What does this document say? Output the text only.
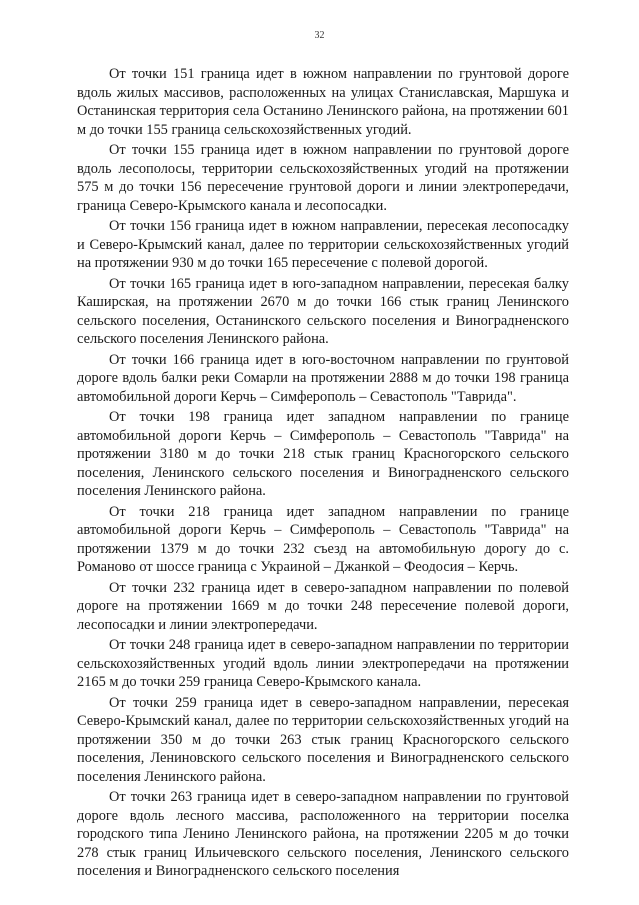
32

От точки 151 граница идет в южном направлении по грунтовой дороге вдоль жилых массивов, расположенных на улицах Станиславская, Маршука и Останинская территория села Останино Ленинского района, на протяжении 601 м до точки 155 граница сельскохозяйственных угодий.

От точки 155 граница идет в южном направлении по грунтовой дороге вдоль лесополосы, территории сельскохозяйственных угодий на протяжении 575 м до точки 156 пересечение грунтовой дороги и линии электропередачи, граница Северо-Крымского канала и лесопосадки.

От точки 156 граница идет в южном направлении, пересекая лесопосадку и Северо-Крымский канал, далее по территории сельскохозяйственных угодий на протяжении 930 м до точки 165 пересечение с полевой дорогой.

От точки 165 граница идет в юго-западном направлении, пересекая балку Каширская, на протяжении 2670 м до точки 166 стык границ Ленинского сельского поселения, Останинского сельского поселения и Виноградненского сельского поселения Ленинского района.

От точки 166 граница идет в юго-восточном направлении по грунтовой дороге вдоль балки реки Сомарли на протяжении 2888 м до точки 198 граница автомобильной дороги Керчь – Симферополь – Севастополь "Таврида".

От точки 198 граница идет западном направлении по границе автомобильной дороги Керчь – Симферополь – Севастополь "Таврида" на протяжении 3180 м до точки 218 стык границ Красногорского сельского поселения, Ленинского сельского поселения и Виноградненского сельского поселения Ленинского района.

От точки 218 граница идет западном направлении по границе автомобильной дороги Керчь – Симферополь – Севастополь "Таврида" на протяжении 1379 м до точки 232 съезд на автомобильную дорогу до с. Романово от шоссе граница с Украиной – Джанкой – Феодосия – Керчь.

От точки 232 граница идет в северо-западном направлении по полевой дороге на протяжении 1669 м до точки 248 пересечение полевой дороги, лесопосадки и линии электропередачи.

От точки 248 граница идет в северо-западном направлении по территории сельскохозяйственных угодий вдоль линии электропередачи на протяжении 2165 м до точки 259 граница Северо-Крымского канала.

От точки 259 граница идет в северо-западном направлении, пересекая Северо-Крымский канал, далее по территории сельскохозяйственных угодий на протяжении 350 м до точки 263 стык границ Красногорского сельского поселения, Лениновского сельского поселения и Виноградненского сельского поселения Ленинского района.

От точки 263 граница идет в северо-западном направлении по грунтовой дороге вдоль лесного массива, расположенного на территории поселка городского типа Ленино Ленинского района, на протяжении 2205 м до точки 278 стык границ Ильичевского сельского поселения, Ленинского сельского поселения и Виноградненского сельского поселения
